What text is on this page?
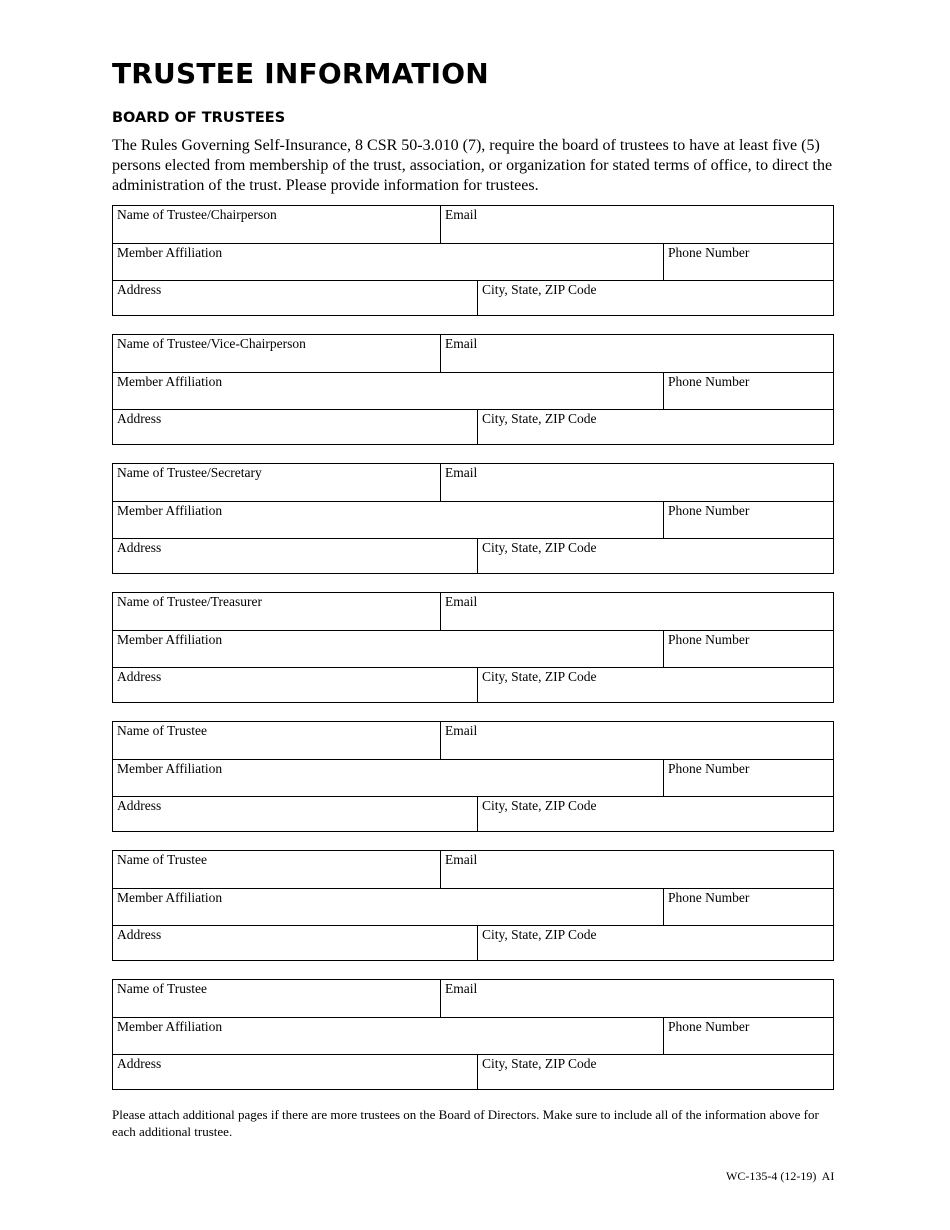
TRUSTEE INFORMATION
BOARD OF TRUSTEES

The Rules Governing Self-Insurance, 8 CSR 50-3.010 (7), require the board of trustees to have at least five (5) persons elected from membership of the trust, association, or organization for stated terms of office, to direct the administration of the trust. Please provide information for trustees.

Name of Trustee/Chairperson	Email
Member Affiliation	Phone Number
Address	City, State, ZIP Code
Name of Trustee/Vice-Chairperson	Email
Member Affiliation	Phone Number
Address	City, State, ZIP Code
Name of Trustee/Secretary	Email
Member Affiliation	Phone Number
Address	City, State, ZIP Code
Name of Trustee/Treasurer	Email
Member Affiliation	Phone Number
Address	City, State, ZIP Code
Name of Trustee	Email
Member Affiliation	Phone Number
Address	City, State, ZIP Code
Name of Trustee	Email
Member Affiliation	Phone Number
Address	City, State, ZIP Code
Name of Trustee	Email
Member Affiliation	Phone Number
Address	City, State, ZIP Code

Please attach additional pages if there are more trustees on the Board of Directors. Make sure to include all of the information above for each additional trustee.

WC-135-4 (12-19)  AI
